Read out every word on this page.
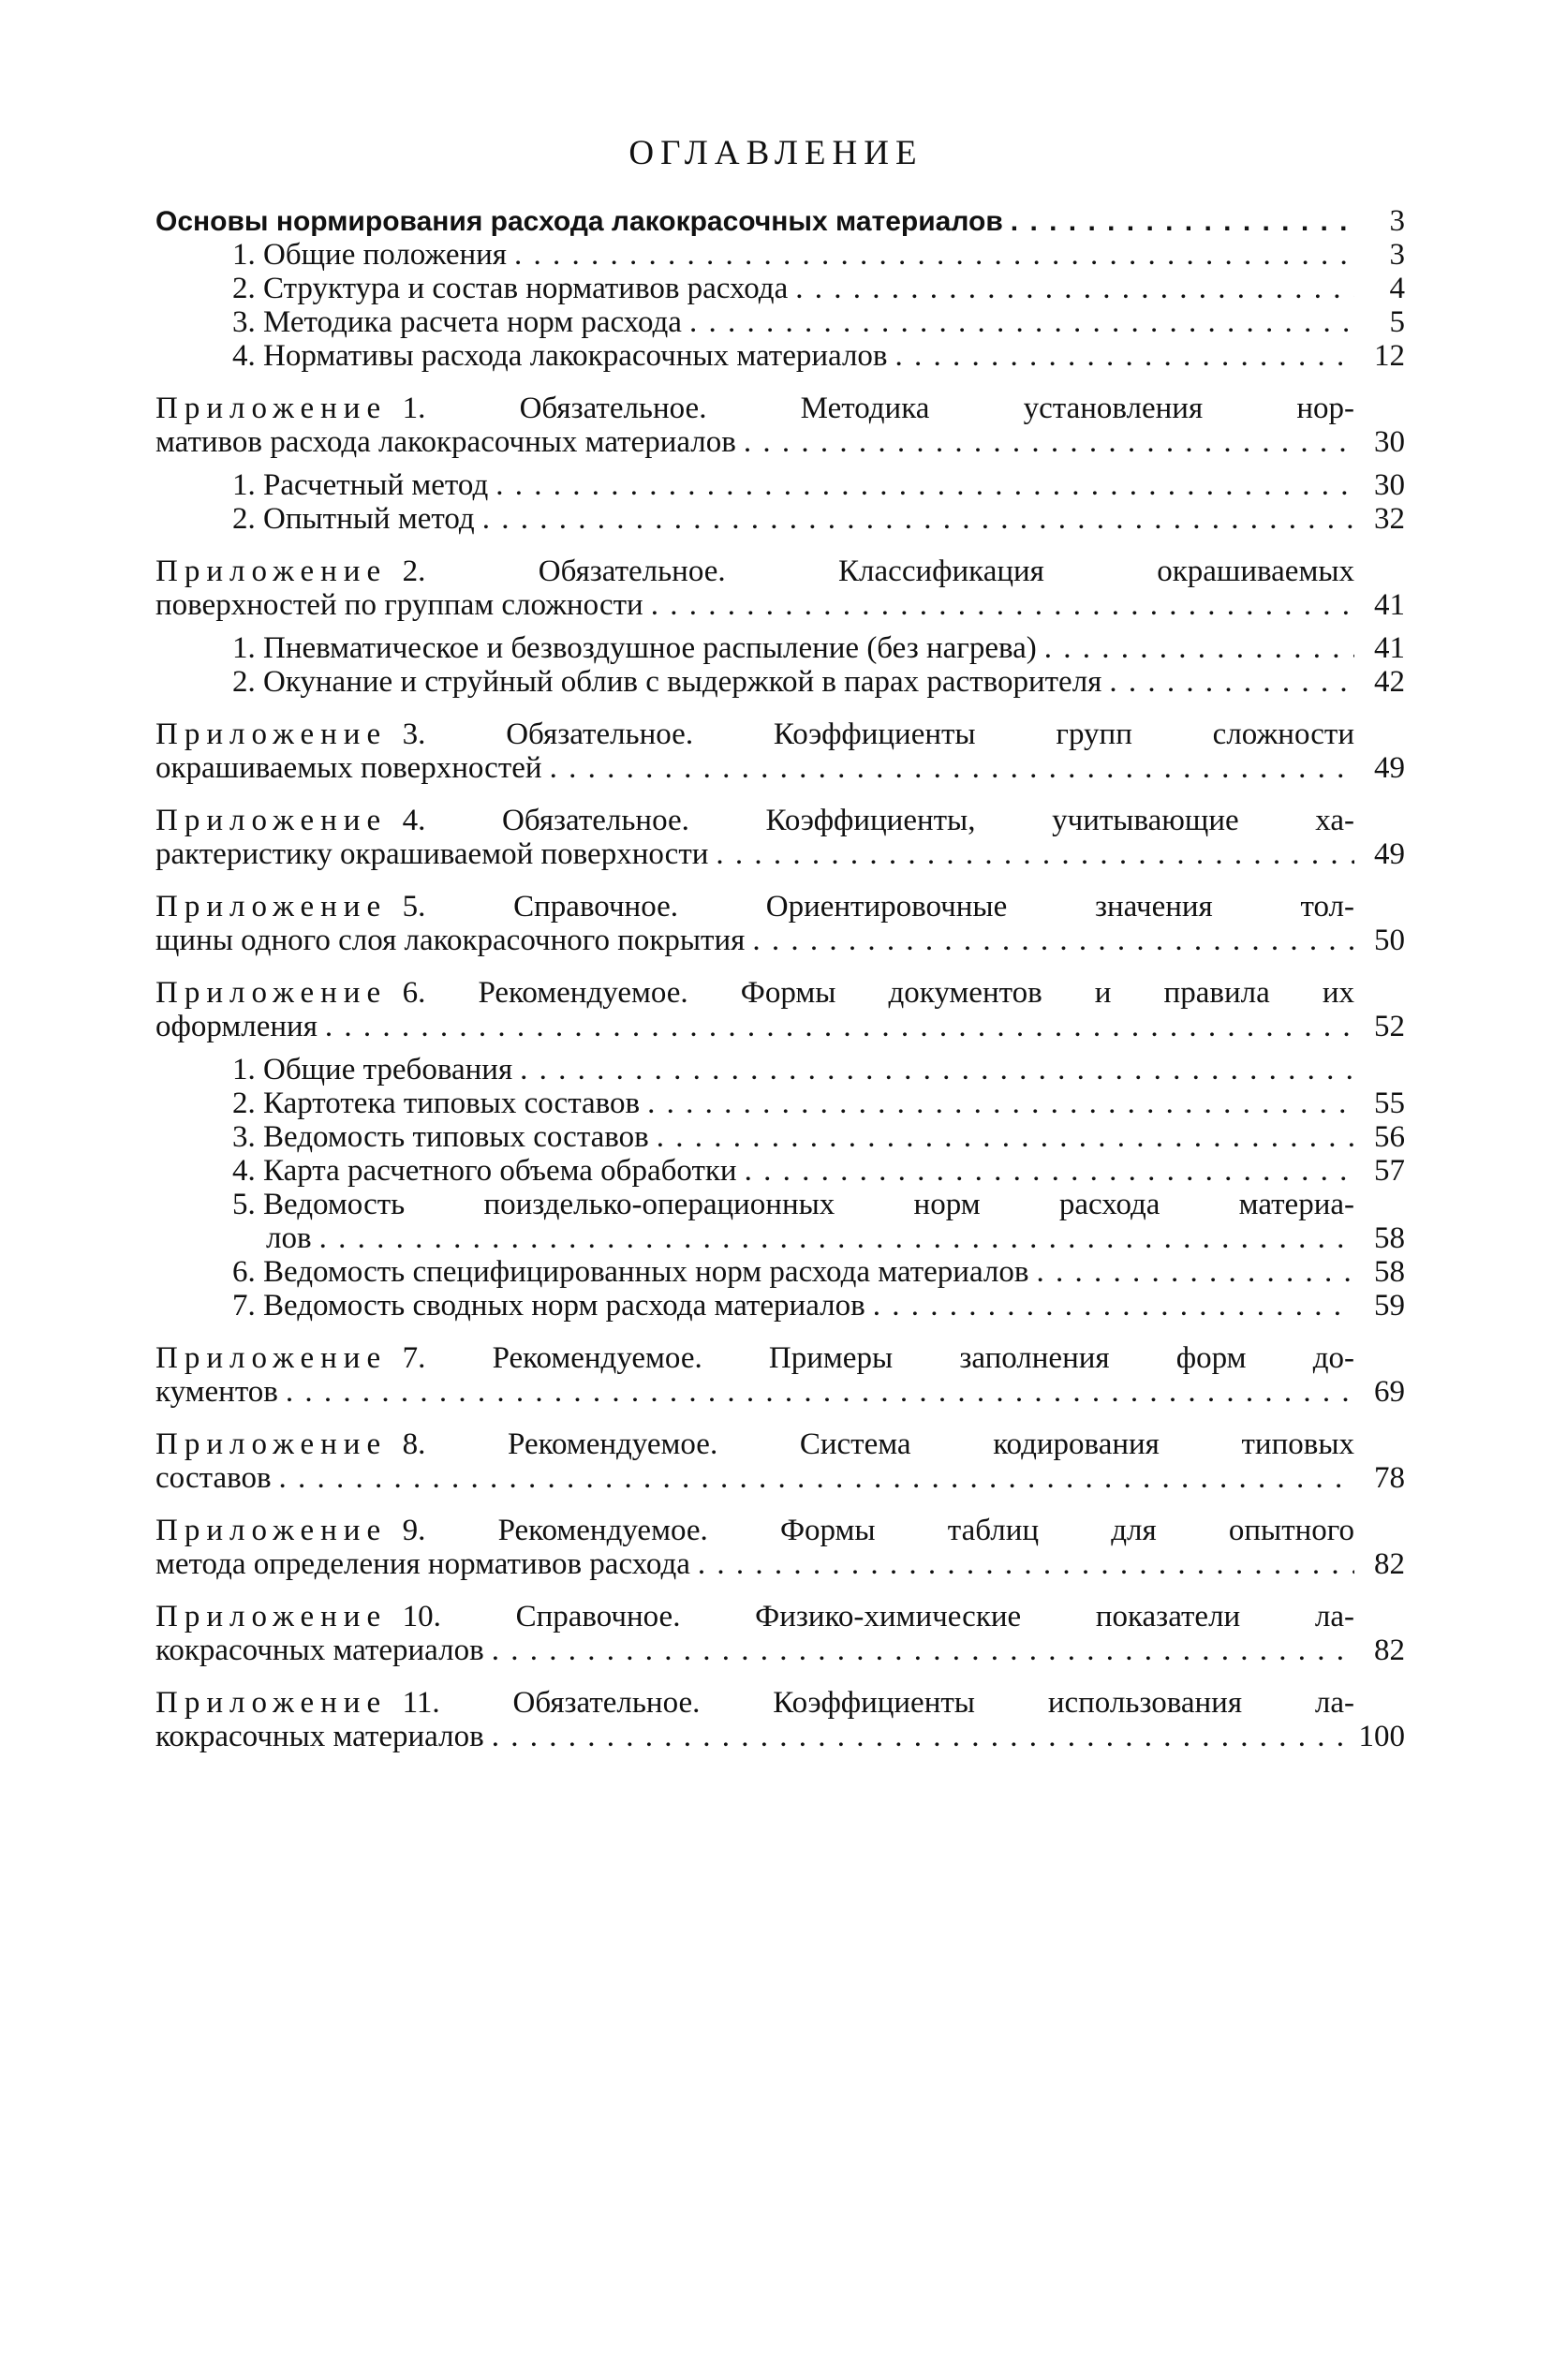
ОГЛАВЛЕНИЕ
Основы нормирования расхода лакокрасочных материалов . . .	3
1.
Общие положения . . .	3
2.
Структура и состав нормативов расхода . . .	4
3.
Методика расчета норм расхода . . .	5
4.
Нормативы расхода лакокрасочных материалов . . .	12
Приложение
1. Обязательное. Методика установления нор-
мативов расхода лакокрасочных материалов . . .	30
1.
Расчетный метод . . .	30
2.
Опытный метод . . .	32
Приложение
2. Обязательное. Классификация окрашиваемых
поверхностей по группам сложности . . .	41
1.
Пневматическое и безвоздушное распыление (без нагрева) . . .	41
2.
Окунание и струйный облив с выдержкой в парах растворителя . . .	42
Приложение
3. Обязательное. Коэффициенты групп сложности
окрашиваемых поверхностей . . .	49
Приложение
4. Обязательное. Коэффициенты, учитывающие ха-
рактеристику окрашиваемой поверхности . . .	49
Приложение
5. Справочное. Ориентировочные значения тол-
щины одного слоя лакокрасочного покрытия . . .	50
Приложение
6. Рекомендуемое. Формы документов и правила их
оформления . . .	52
1.
Общие требования
. . .
2.
Картотека типовых составов . . .	55
3.
Ведомость типовых составов . . .	56
4.
Карта расчетного объема обработки . . .	57
5.
Ведомость поизделько-операционных норм расхода материа-
лов . . .	58
6.
Ведомость специфицированных норм расхода материалов . . .	58
7.
Ведомость сводных норм расхода материалов . . .	59
Приложение
7. Рекомендуемое. Примеры заполнения форм до-
кументов . . .	69
Приложение
8. Рекомендуемое. Система кодирования типовых
составов . . .	78
Приложение
9. Рекомендуемое. Формы таблиц для опытного
метода определения нормативов расхода . . .	82
Приложение
10. Справочное. Физико-химические показатели ла-
кокрасочных материалов . . .	82
Приложение
11. Обязательное. Коэффициенты использования ла-
кокрасочных материалов . . .	100
